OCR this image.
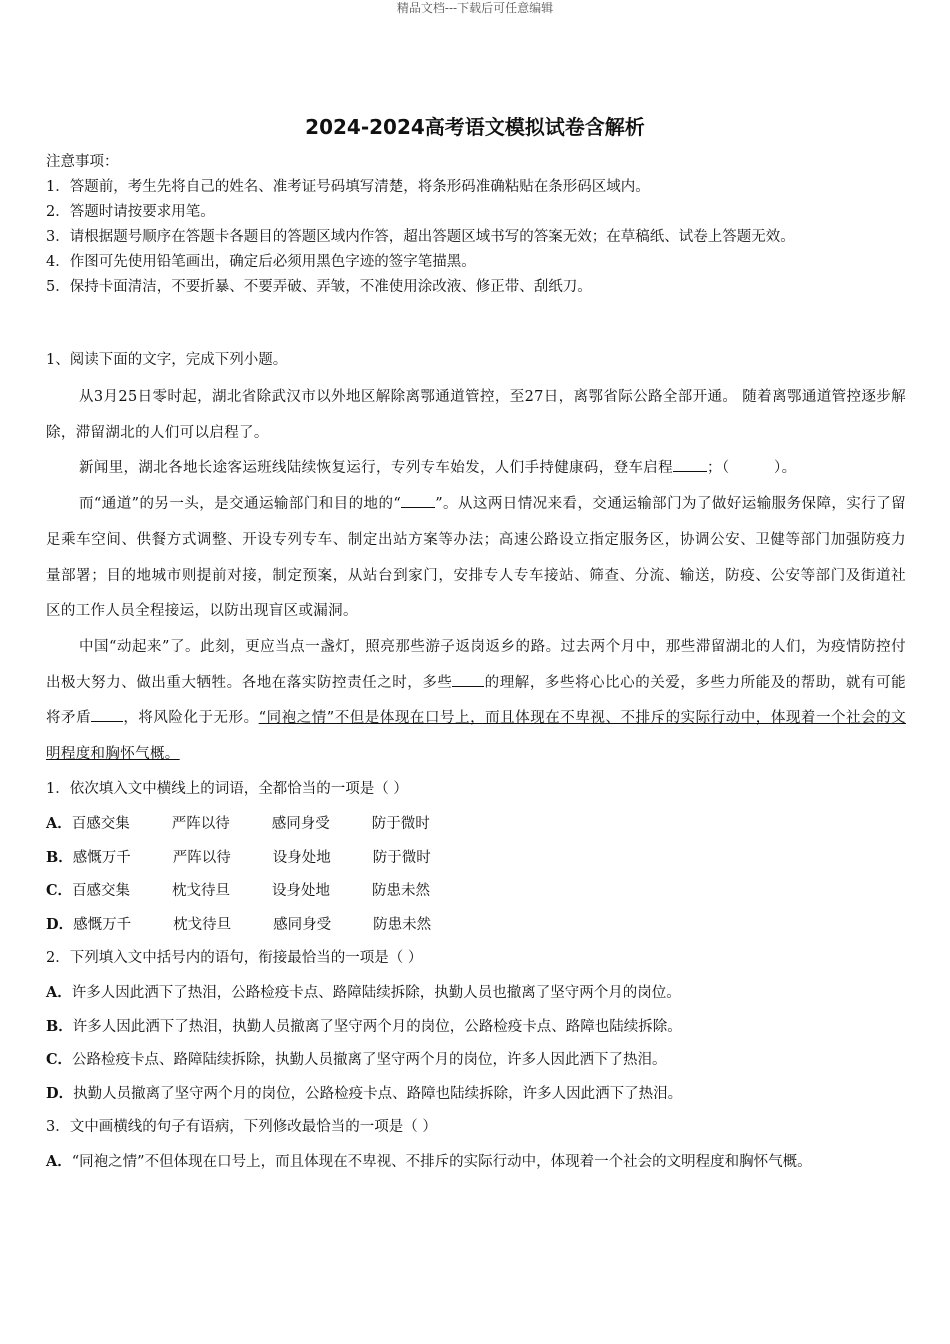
精品文档---下载后可任意编辑
2024-2024高考语文模拟试卷含解析
注意事项：
1．答题前，考生先将自己的姓名、准考证号码填写清楚，将条形码准确粘贴在条形码区域内。
2．答题时请按要求用笔。
3．请根据题号顺序在答题卡各题目的答题区域内作答，超出答题区域书写的答案无效；在草稿纸、试卷上答题无效。
4．作图可先使用铅笔画出，确定后必须用黑色字迹的签字笔描黑。
5．保持卡面清洁，不要折暴、不要弄破、弄皱，不准使用涂改液、修正带、刮纸刀。
1、阅读下面的文字，完成下列小题。

从3月25日零时起，湖北省除武汉市以外地区解除离鄂通道管控，至27日，离鄂省际公路全部开通。 随着离鄂通道管控逐步解除，滞留湖北的人们可以启程了。

新闻里，湖北各地长途客运班线陆续恢复运行，专列专车始发，人们手持健康码，登车启程 ；（　　　）。

而“通道”的另一头，是交通运输部门和目的地的“ ”。从这两日情况来看，交通运输部门为了做好运输服务保障，实行了留足乘车空间、供餐方式调整、开设专列专车、制定出站方案等办法；高速公路设立指定服务区，协调公安、卫健等部门加强防疫力量部署；目的地城市则提前对接，制定预案，从站台到家门，安排专人专车接站、筛查、分流、输送，防疫、公安等部门及街道社区的工作人员全程接运，以防出现盲区或漏洞。

中国“动起来”了。此刻，更应当点一盏灯，照亮那些游子返岗返乡的路。过去两个月中，那些滞留湖北的人们，为疫情防控付出极大努力、做出重大牺牲。各地在落实防控责任之时，多些 的理解，多些将心比心的关爱，多些力所能及的帮助，就有可能将矛盾 ，将风险化于无形。“同袍之情”不但是体现在口号上，而且体现在不卑视、不排斥的实际行动中，体现着一个社会的文明程度和胸怀气概。

1．依次填入文中横线上的词语，全都恰当的一项是（ ）
A．百感交集	严阵以待	感同身受	防于微时
B．感慨万千	严阵以待	设身处地	防于微时
C．百感交集	枕戈待旦	设身处地	防患未然
D．感慨万千	枕戈待旦	感同身受	防患未然
2．下列填入文中括号内的语句，衔接最恰当的一项是（ ）
A．许多人因此洒下了热泪，公路检疫卡点、路障陆续拆除，执勤人员也撤离了坚守两个月的岗位。
B．许多人因此洒下了热泪，执勤人员撤离了坚守两个月的岗位，公路检疫卡点、路障也陆续拆除。
C．公路检疫卡点、路障陆续拆除，执勤人员撤离了坚守两个月的岗位，许多人因此洒下了热泪。
D．执勤人员撤离了坚守两个月的岗位，公路检疫卡点、路障也陆续拆除，许多人因此洒下了热泪。
3．文中画横线的句子有语病，下列修改最恰当的一项是（ ）
A．“同袍之情”不但体现在口号上，而且体现在不卑视、不排斥的实际行动中，体现着一个社会的文明程度和胸怀气概。
